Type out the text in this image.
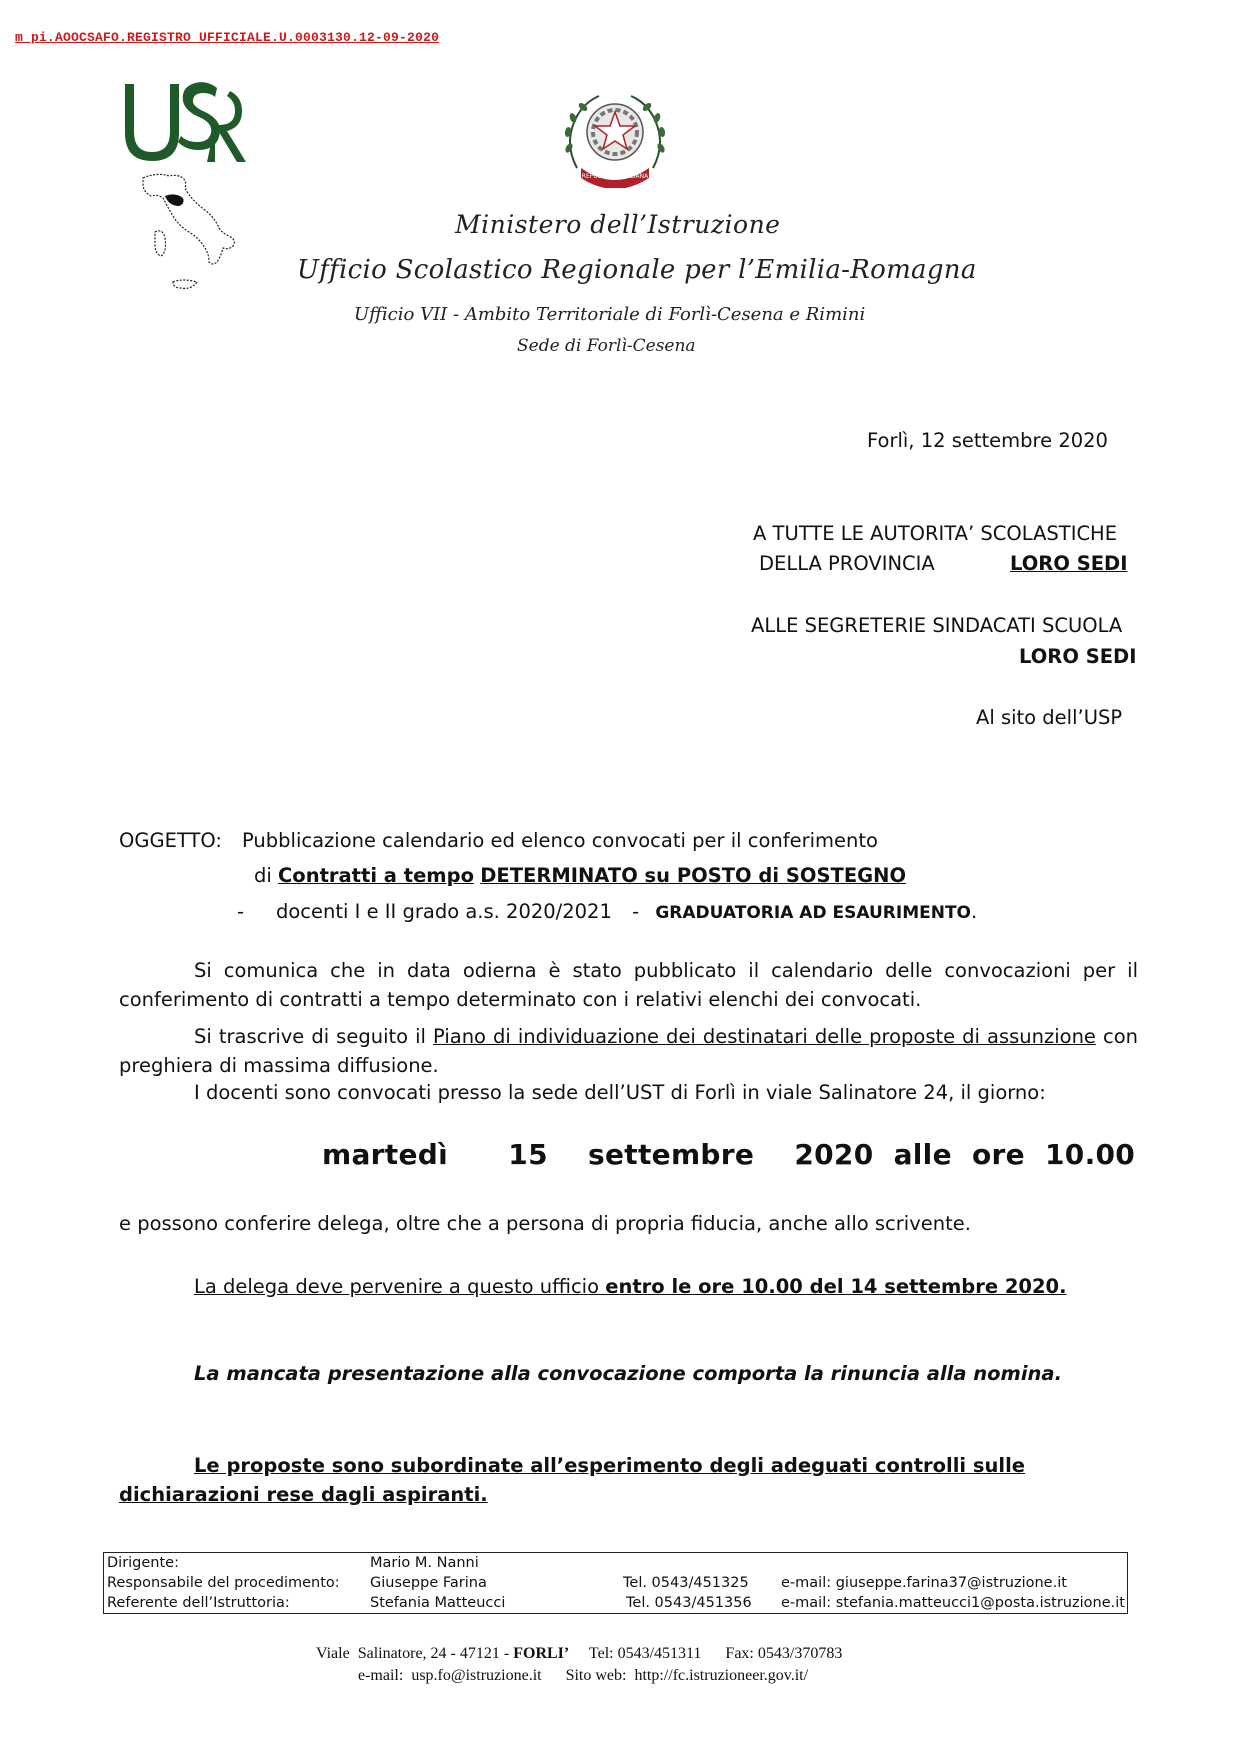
m_pi.AOOCSAFO.REGISTRO UFFICIALE.U.0003130.12-09-2020
REPUBBLICA ITALIANA
Ministero dell’Istruzione
Ufficio Scolastico Regionale per l’Emilia-Romagna
Ufficio VII - Ambito Territoriale di Forlì-Cesena e Rimini
Sede di Forlì-Cesena
Forlì, 12 settembre 2020
A TUTTE LE AUTORITA’ SCOLASTICHE
DELLA PROVINCIA	LORO SEDI
ALLE SEGRETERIE SINDACATI SCUOLA
LORO SEDI
Al sito dell’USP
OGGETTO: Pubblicazione calendario ed elenco convocati per il conferimento
di Contratti a tempo DETERMINATO su POSTO di SOSTEGNO
- docenti I e II grado a.s. 2020/2021 - GRADUATORIA AD ESAURIMENTO.
Si comunica che in data odierna è stato pubblicato il calendario delle convocazioni per il conferimento di contratti a tempo determinato con i relativi elenchi dei convocati.
Si trascrive di seguito il Piano di individuazione dei destinatari delle proposte di assunzione con preghiera di massima diffusione.
I docenti sono convocati presso la sede dell’UST di Forlì in viale Salinatore 24, il giorno:
martedì      15    settembre    2020  alle  ore  10.00
e possono conferire delega, oltre che a persona di propria fiducia, anche allo scrivente.
La delega deve pervenire a questo ufficio entro le ore 10.00 del 14 settembre 2020.
La mancata presentazione alla convocazione comporta la rinuncia alla nomina.
Le proposte sono subordinate all’esperimento degli adeguati controlli sulle dichiarazioni rese dagli aspiranti.
Dirigente:	Mario M. Nanni		
Responsabile del procedimento:	Giuseppe Farina	Tel. 0543/451325	e-mail: giuseppe.farina37@istruzione.it
Referente dell’Istruttoria:	Stefania Matteucci	Tel. 0543/451356	e-mail: stefania.matteucci1@posta.istruzione.it
Viale  Salinatore, 24 - 47121 - FORLI’     Tel: 0543/451311      Fax: 0543/370783
e-mail:  usp.fo@istruzione.it      Sito web:  http://fc.istruzioneer.gov.it/
